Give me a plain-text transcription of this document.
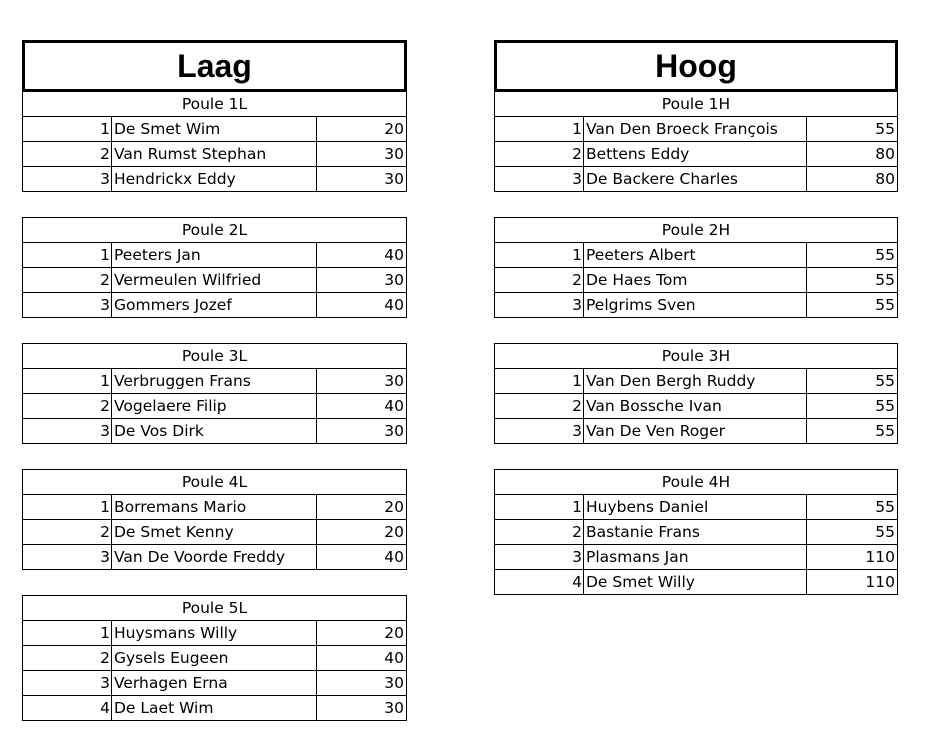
Laag
Poule 1L		
1	De Smet Wim	20
2	Van Rumst Stephan	30
3	Hendrickx Eddy	30
Poule 2L		
1	Peeters Jan	40
2	Vermeulen Wilfried	30
3	Gommers Jozef	40
Poule 3L		
1	Verbruggen Frans	30
2	Vogelaere Filip	40
3	De Vos Dirk	30
Poule 4L		
1	Borremans Mario	20
2	De Smet Kenny	20
3	Van De Voorde Freddy	40
Poule 5L		
1	Huysmans Willy	20
2	Gysels Eugeen	40
3	Verhagen Erna	30
4	De Laet Wim	30
Hoog
Poule 1H		
1	Van Den Broeck François	55
2	Bettens Eddy	80
3	De Backere Charles	80
Poule 2H		
1	Peeters Albert	55
2	De Haes Tom	55
3	Pelgrims Sven	55
Poule 3H		
1	Van Den Bergh Ruddy	55
2	Van Bossche Ivan	55
3	Van De Ven Roger	55
Poule 4H		
1	Huybens Daniel	55
2	Bastanie Frans	55
3	Plasmans Jan	110
4	De Smet Willy	110
